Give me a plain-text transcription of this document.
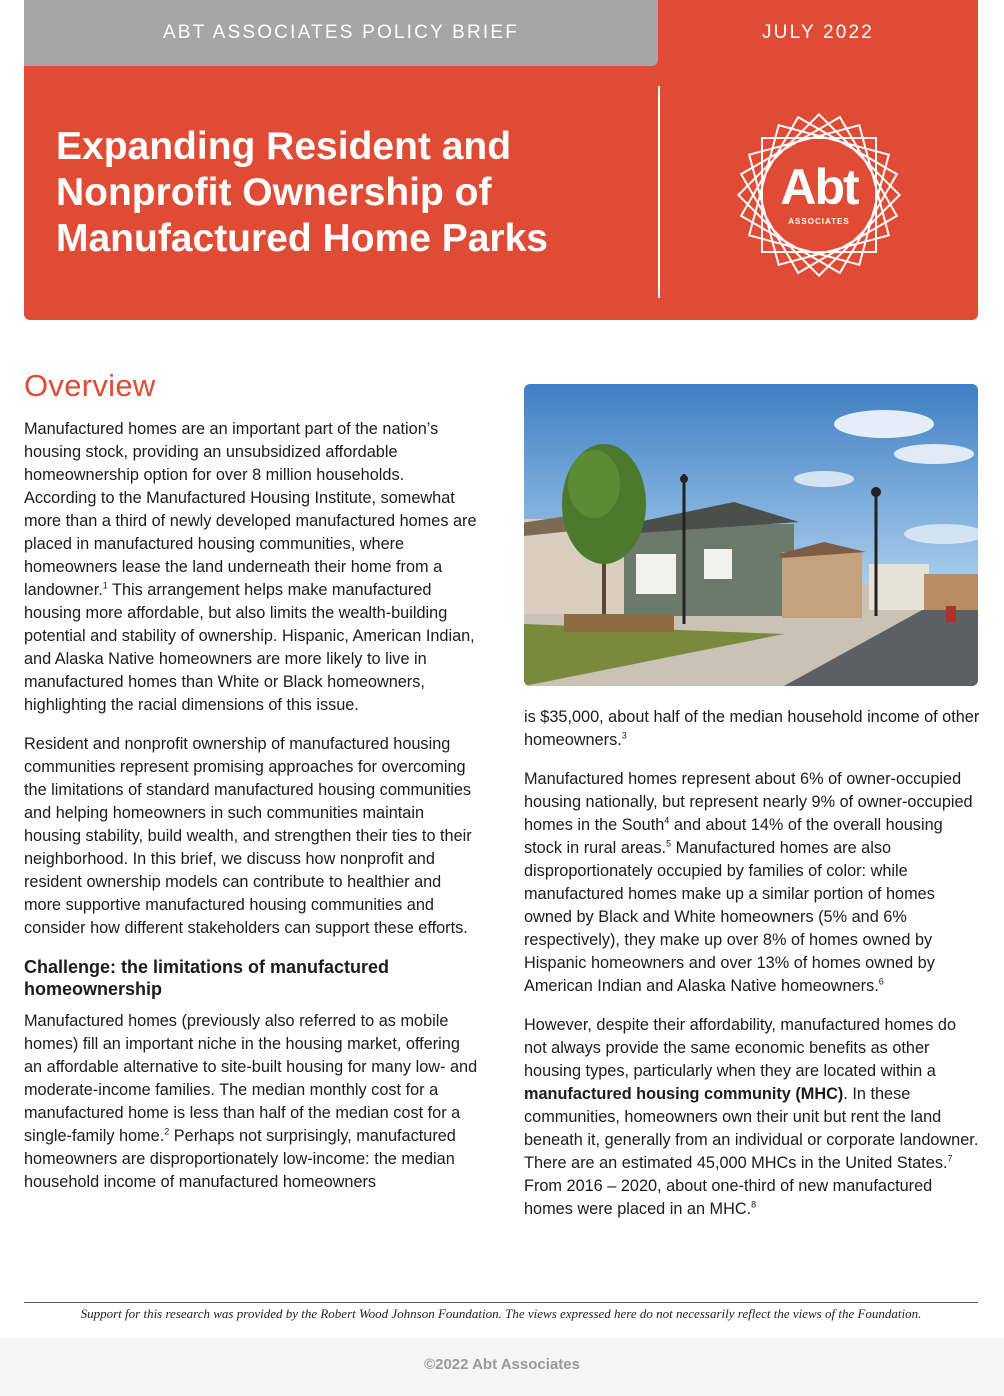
ABT ASSOCIATES POLICY BRIEF	JULY 2022
Expanding Resident and Nonprofit Ownership of Manufactured Home Parks
Abt
ASSOCIATES
Overview

Manufactured homes are an important part of the nation’s housing stock, providing an unsubsidized affordable homeownership option for over 8 million households. According to the Manufactured Housing Institute, somewhat more than a third of newly developed manufactured homes are placed in manufactured housing communities, where homeowners lease the land underneath their home from a landowner.$^1$ This arrangement helps make manufactured housing more affordable, but also limits the wealth-building potential and stability of ownership. Hispanic, American Indian, and Alaska Native homeowners are more likely to live in manufactured homes than White or Black homeowners, highlighting the racial dimensions of this issue.

Resident and nonprofit ownership of manufactured housing communities represent promising approaches for overcoming the limitations of standard manufactured housing communities and helping homeowners in such communities maintain housing stability, build wealth, and strengthen their ties to their neighborhood. In this brief, we discuss how nonprofit and resident ownership models can contribute to healthier and more supportive manufactured housing communities and consider how different stakeholders can support these efforts.

Challenge: the limitations of manufactured homeownership

Manufactured homes (previously also referred to as mobile homes) fill an important niche in the housing market, offering an affordable alternative to site-built housing for many low- and moderate-income families. The median monthly cost for a manufactured home is less than half of the median cost for a single-family home.$^2$ Perhaps not surprisingly, manufactured homeowners are disproportionately low-income: the median household income of manufactured homeowners

is $35,000, about half of the median household income of other homeowners.$^3$

Manufactured homes represent about 6% of owner-occupied housing nationally, but represent nearly 9% of owner-occupied homes in the South$^4$ and about 14% of the overall housing stock in rural areas.$^5$ Manufactured homes are also disproportionately occupied by families of color: while manufactured homes make up a similar portion of homes owned by Black and White homeowners (5% and 6% respectively), they make up over 8% of homes owned by Hispanic homeowners and over 13% of homes owned by American Indian and Alaska Native homeowners.$^6$

However, despite their affordability, manufactured homes do not always provide the same economic benefits as other housing types, particularly when they are located within a manufactured housing community (MHC). In these communities, homeowners own their unit but rent the land beneath it, generally from an individual or corporate landowner. There are an estimated 45,000 MHCs in the United States.$^7$ From 2016 – 2020, about one-third of new manufactured homes were placed in an MHC.$^8$

Support for this research was provided by the Robert Wood Johnson Foundation. The views expressed here do not necessarily reflect the views of the Foundation.
©2022 Abt Associates
